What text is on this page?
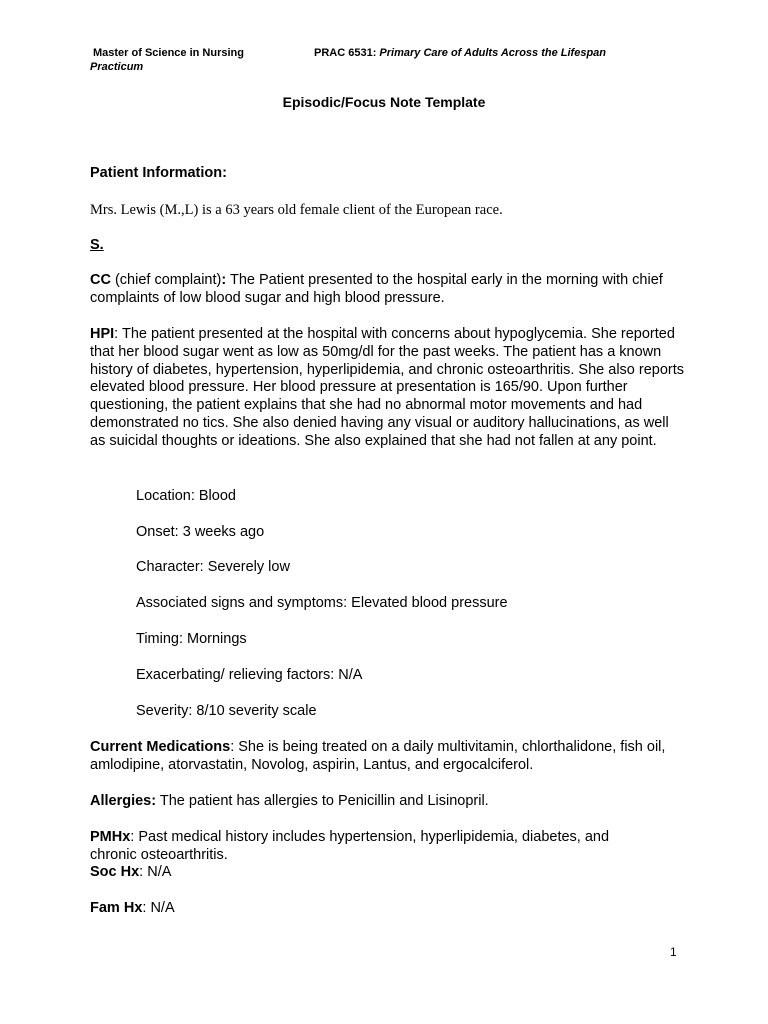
Master of Science in Nursing
Practicum
PRAC 6531: Primary Care of Adults Across the Lifespan
Episodic/Focus Note Template
Patient Information:
Mrs. Lewis (M.,L) is a 63 years old female client of the European race.
S.
CC (chief complaint): The Patient presented to the hospital early in the morning with chief complaints of low blood sugar and high blood pressure.
HPI: The patient presented at the hospital with concerns about hypoglycemia. She reported that her blood sugar went as low as 50mg/dl for the past weeks. The patient has a known history of diabetes, hypertension, hyperlipidemia, and chronic osteoarthritis. She also reports elevated blood pressure. Her blood pressure at presentation is 165/90. Upon further questioning, the patient explains that she had no abnormal motor movements and had demonstrated no tics. She also denied having any visual or auditory hallucinations, as well as suicidal thoughts or ideations. She also explained that she had not fallen at any point.
Location: Blood
Onset: 3 weeks ago
Character: Severely low
Associated signs and symptoms: Elevated blood pressure
Timing: Mornings
Exacerbating/ relieving factors: N/A
Severity: 8/10 severity scale
Current Medications: She is being treated on a daily multivitamin, chlorthalidone, fish oil, amlodipine, atorvastatin, Novolog, aspirin, Lantus, and ergocalciferol.
Allergies: The patient has allergies to Penicillin and Lisinopril.
PMHx: Past medical history includes hypertension, hyperlipidemia, diabetes, and chronic osteoarthritis.
Soc Hx: N/A
Fam Hx: N/A
1
